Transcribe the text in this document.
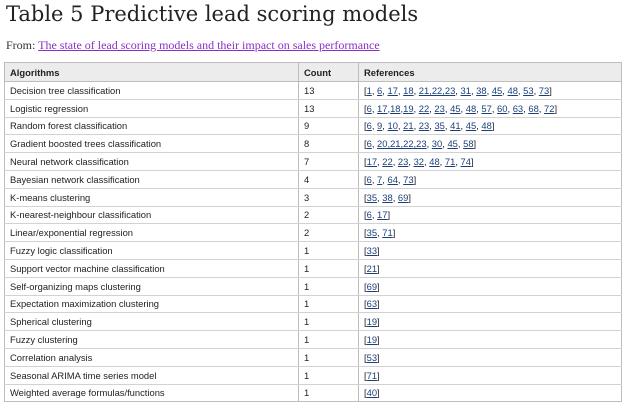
Table 5 Predictive lead scoring models
From: The state of lead scoring models and their impact on sales performance
Algorithms	Count	References
Decision tree classification	13	[1, 6, 17, 18, 21,22,23, 31, 38, 45, 48, 53, 73]
Logistic regression	13	[6, 17,18,19, 22, 23, 45, 48, 57, 60, 63, 68, 72]
Random forest classification	9	[6, 9, 10, 21, 23, 35, 41, 45, 48]
Gradient boosted trees classification	8	[6, 20,21,22,23, 30, 45, 58]
Neural network classification	7	[17, 22, 23, 32, 48, 71, 74]
Bayesian network classification	4	[6, 7, 64, 73]
K-means clustering	3	[35, 38, 69]
K-nearest-neighbour classification	2	[6, 17]
Linear/exponential regression	2	[35, 71]
Fuzzy logic classification	1	[33]
Support vector machine classification	1	[21]
Self-organizing maps clustering	1	[69]
Expectation maximization clustering	1	[63]
Spherical clustering	1	[19]
Fuzzy clustering	1	[19]
Correlation analysis	1	[53]
Seasonal ARIMA time series model	1	[71]
Weighted average formulas/functions	1	[40]
